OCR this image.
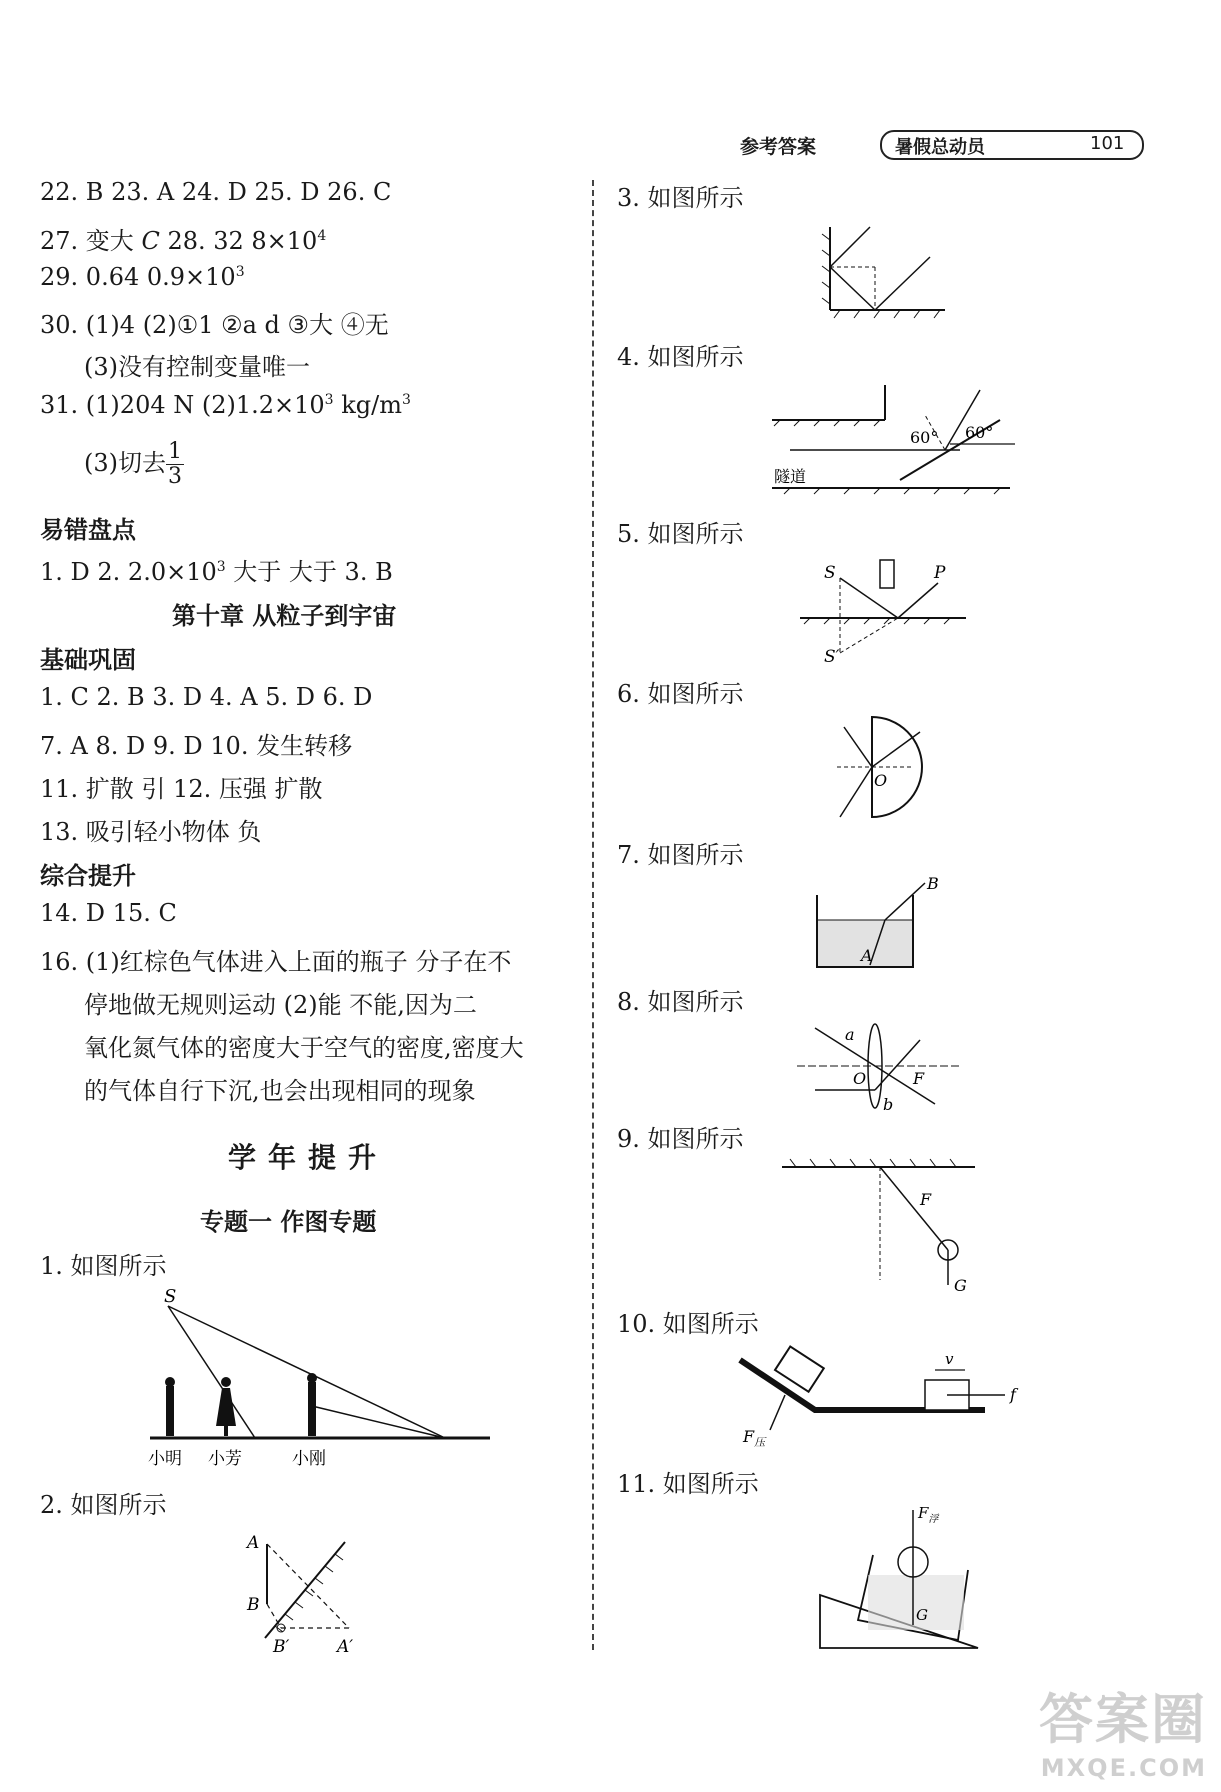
参考答案	暑假总动员	101
22. B 23. A 24. D 25. D 26. C
27. 变大 C 28. 32 $8\times 10^4$
29. 0.64 $0.9\times 10^3$
30. (1)4 (2)①1 ②a d ③大 ④无
(3)没有控制变量唯一
31. (1)204 N $(2)1.2\times 10^3$ $kg/m^3$
(3)切去 $\frac{1}{3}$
易错盘点
1. D 2. $2.0\times 10^3$ 大于 大于 3. B
第十章 从粒子到宇宙
基础巩固
1. C 2. B 3. D 4. A 5. D 6. D
7. A 8. D 9. D 10. 发生转移
11. 扩散 引 12. 压强 扩散
13. 吸引轻小物体 负
综合提升
14. D 15. C
16. (1)红棕色气体进入上面的瓶子 分子在不
停地做无规则运动 (2)能 不能,因为二
氧化氮气体的密度大于空气的密度,密度大
的气体自行下沉,也会出现相同的现象
学年提升
专题一 作图专题
1. 如图所示
S
小明 小芳	小刚
2. 如图所示
A
B
B′	A′
3. 如图所示
4. 如图所示
60° 60°
隧道
5. 如图所示
S	P
S′
6. 如图所示
O
7. 如图所示
B
A
8. 如图所示
a
O	F
b
9. 如图所示
F
G
10. 如图所示
v
f
$F_压$
11. 如图所示
$F_浮$
G
答案圈
MXQE.COM
